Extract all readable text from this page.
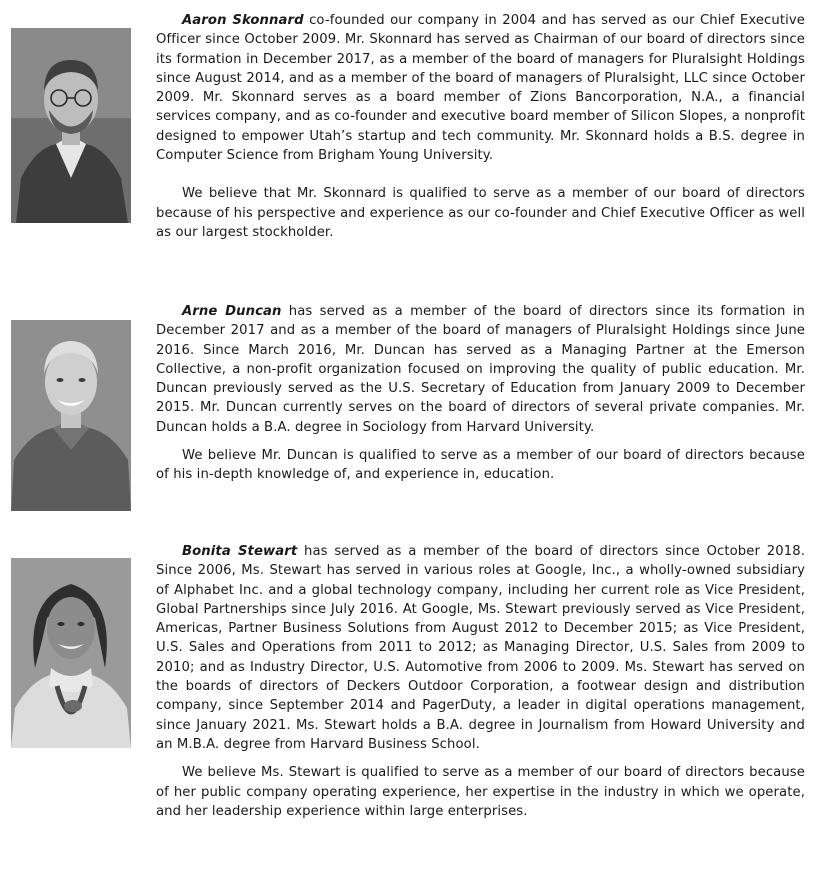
Aaron Skonnard co-founded our company in 2004 and has served as our Chief Executive Officer since October 2009. Mr. Skonnard has served as Chairman of our board of directors since its formation in December 2017, as a member of the board of managers for Pluralsight Holdings since August 2014, and as a member of the board of managers of Pluralsight, LLC since October 2009. Mr. Skonnard serves as a board member of Zions Bancorporation, N.A., a financial services company, and as co-founder and executive board member of Silicon Slopes, a nonprofit designed to empower Utah’s startup and tech community. Mr. Skonnard holds a B.S. degree in Computer Science from Brigham Young University.

We believe that Mr. Skonnard is qualified to serve as a member of our board of directors because of his perspective and experience as our co-founder and Chief Executive Officer as well as our largest stockholder.

Arne Duncan has served as a member of the board of directors since its formation in December 2017 and as a member of the board of managers of Pluralsight Holdings since June 2016. Since March 2016, Mr. Duncan has served as a Managing Partner at the Emerson Collective, a non-profit organization focused on improving the quality of public education. Mr. Duncan previously served as the U.S. Secretary of Education from January 2009 to December 2015. Mr. Duncan currently serves on the board of directors of several private companies. Mr. Duncan holds a B.A. degree in Sociology from Harvard University.

We believe Mr. Duncan is qualified to serve as a member of our board of directors because of his in-depth knowledge of, and experience in, education.

Bonita Stewart has served as a member of the board of directors since October 2018. Since 2006, Ms. Stewart has served in various roles at Google, Inc., a wholly-owned subsidiary of Alphabet Inc. and a global technology company, including her current role as Vice President, Global Partnerships since July 2016. At Google, Ms. Stewart previously served as Vice President, Americas, Partner Business Solutions from August 2012 to December 2015; as Vice President, U.S. Sales and Operations from 2011 to 2012; as Managing Director, U.S. Sales from 2009 to 2010; and as Industry Director, U.S. Automotive from 2006 to 2009. Ms. Stewart has served on the boards of directors of Deckers Outdoor Corporation, a footwear design and distribution company, since September 2014 and PagerDuty, a leader in digital operations management, since January 2021. Ms. Stewart holds a B.A. degree in Journalism from Howard University and an M.B.A. degree from Harvard Business School.

We believe Ms. Stewart is qualified to serve as a member of our board of directors because of her public company operating experience, her expertise in the industry in which we operate, and her leadership experience within large enterprises.
